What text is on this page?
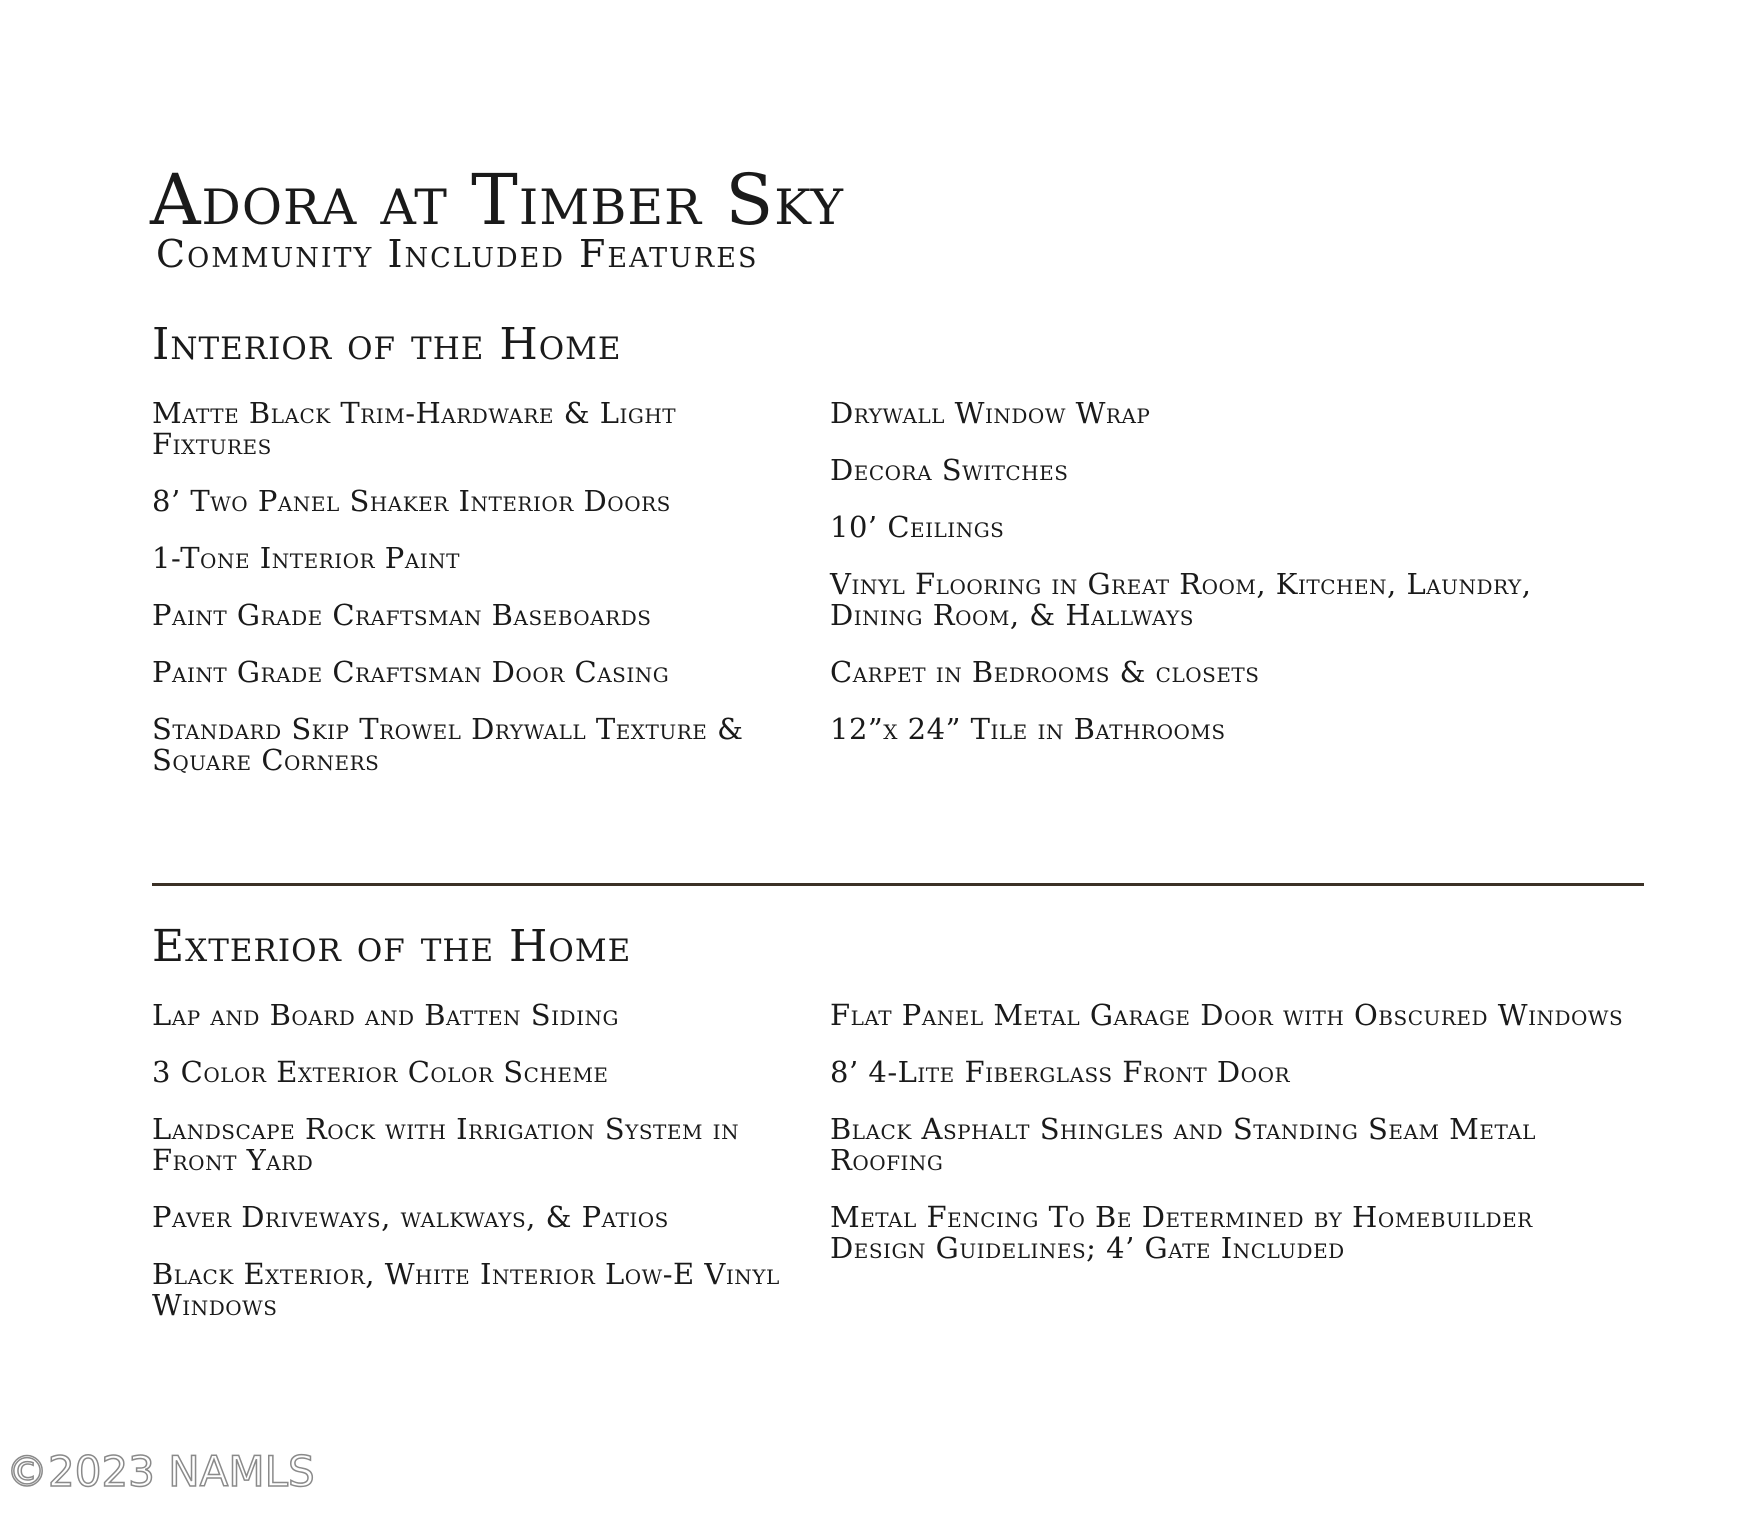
Adora at Timber Sky
Community Included Features
Interior of the Home
Matte Black Trim-Hardware & Light Fixtures
8’ Two Panel Shaker Interior Doors
1-Tone Interior Paint
Paint Grade Craftsman Baseboards
Paint Grade Craftsman Door Casing
Standard Skip Trowel Drywall Texture & Square Corners
Drywall Window Wrap
Decora Switches
10’ Ceilings
Vinyl Flooring in Great Room, Kitchen, Laundry, Dining Room, & Hallways
Carpet in Bedrooms & closets
12”x 24” Tile in Bathrooms
Exterior of the Home
Lap and Board and Batten Siding
3 Color Exterior Color Scheme
Landscape Rock with Irrigation System in Front Yard
Paver Driveways, walkways, & Patios
Black Exterior, White Interior Low-E Vinyl Windows
Flat Panel Metal Garage Door with Obscured Windows
8’ 4-Lite Fiberglass Front Door
Black Asphalt Shingles and Standing Seam Metal Roofing
Metal Fencing To Be Determined by Homebuilder Design Guidelines; 4’ Gate Included
©2023 NAMLS
